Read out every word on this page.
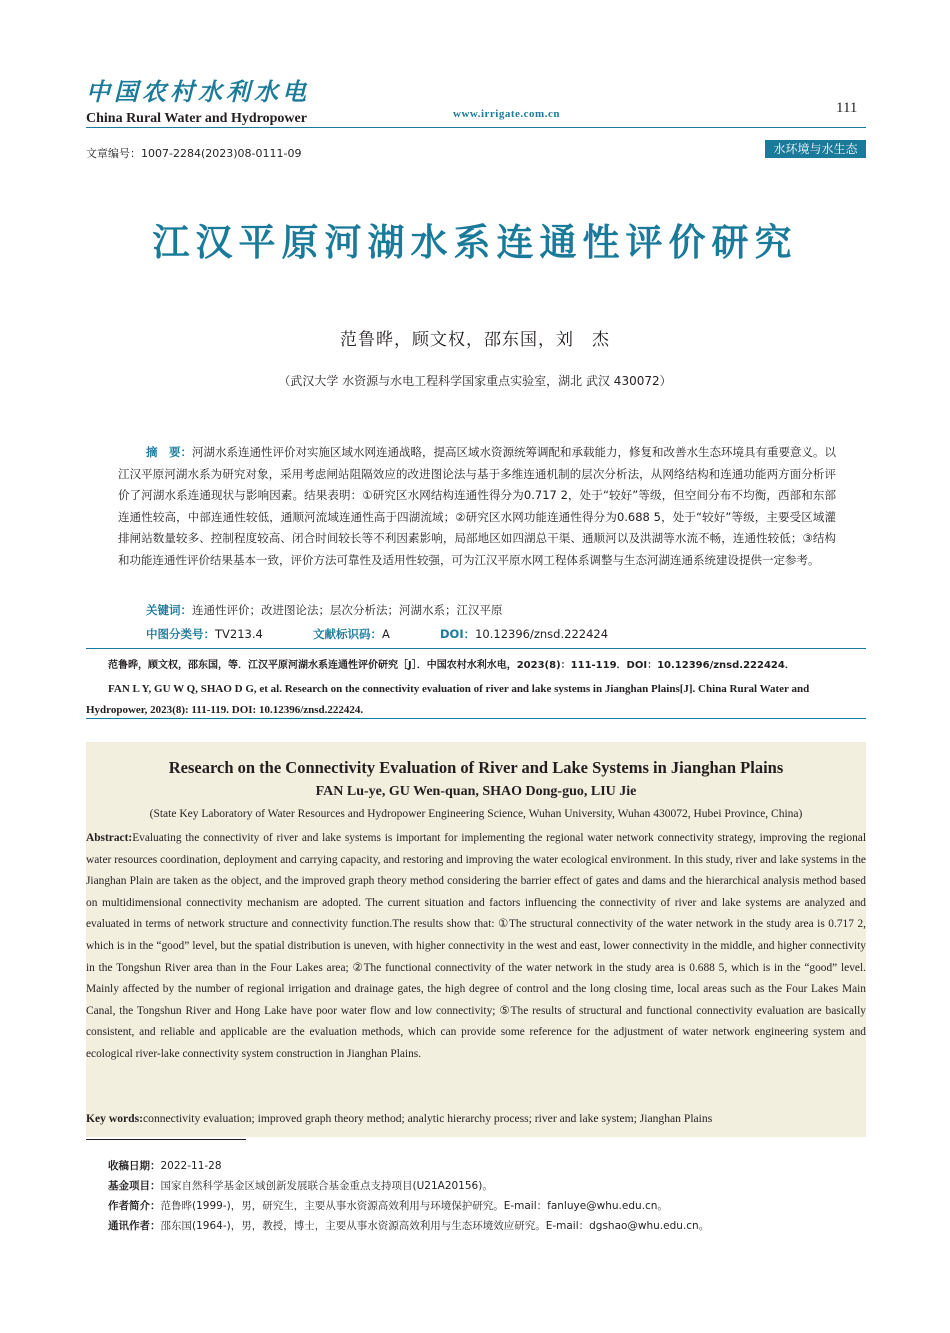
中国农村水利水电
China Rural Water and Hydropower	www.irrigate.com.cn	111
文章编号：1007-2284(2023)08-0111-09	水环境与水生态
江汉平原河湖水系连通性评价研究
范鲁晔，顾文权，邵东国，刘　杰
（武汉大学 水资源与水电工程科学国家重点实验室，湖北 武汉 430072）
摘　要：河湖水系连通性评价对实施区域水网连通战略，提高区域水资源统筹调配和承载能力，修复和改善水生态环境具有重要意义。以江汉平原河湖水系为研究对象，采用考虑闸站阻隔效应的改进图论法与基于多维连通机制的层次分析法，从网络结构和连通功能两方面分析评价了河湖水系连通现状与影响因素。结果表明：①研究区水网结构连通性得分为0.717 2，处于“较好”等级，但空间分布不均衡，西部和东部连通性较高，中部连通性较低，通顺河流域连通性高于四湖流域；②研究区水网功能连通性得分为0.688 5，处于“较好”等级，主要受区域灌排闸站数量较多、控制程度较高、闭合时间较长等不利因素影响，局部地区如四湖总干渠、通顺河以及洪湖等水流不畅，连通性较低；③结构和功能连通性评价结果基本一致，评价方法可靠性及适用性较强，可为江汉平原水网工程体系调整与生态河湖连通系统建设提供一定参考。
关键词：连通性评价；改进图论法；层次分析法；河湖水系；江汉平原
中图分类号：TV213.4	文献标识码：A	DOI：10.12396/znsd.222424
范鲁晔，顾文权，邵东国，等．江汉平原河湖水系连通性评价研究［J］．中国农村水利水电，2023(8)：111-119．DOI：10.12396/znsd.222424．
FAN L Y, GU W Q, SHAO D G, et al. Research on the connectivity evaluation of river and lake systems in Jianghan Plains[J]. China Rural Water and Hydropower, 2023(8): 111-119. DOI: 10.12396/znsd.222424.
Research on the Connectivity Evaluation of River and Lake Systems in Jianghan Plains
FAN Lu-ye, GU Wen-quan, SHAO Dong-guo, LIU Jie
(State Key Laboratory of Water Resources and Hydropower Engineering Science, Wuhan University, Wuhan 430072, Hubei Province, China)
Abstract:Evaluating the connectivity of river and lake systems is important for implementing the regional water network connectivity strategy, improving the regional water resources coordination, deployment and carrying capacity, and restoring and improving the water ecological environment. In this study, river and lake systems in the Jianghan Plain are taken as the object, and the improved graph theory method considering the barrier effect of gates and dams and the hierarchical analysis method based on multidimensional connectivity mechanism are adopted. The current situation and factors influencing the connectivity of river and lake systems are analyzed and evaluated in terms of network structure and connectivity function.The results show that: ①The structural connectivity of the water network in the study area is 0.717 2, which is in the “good” level, but the spatial distribution is uneven, with higher connectivity in the west and east, lower connectivity in the middle, and higher connectivity in the Tongshun River area than in the Four Lakes area; ②The functional connectivity of the water network in the study area is 0.688 5, which is in the “good” level. Mainly affected by the number of regional irrigation and drainage gates, the high degree of control and the long closing time, local areas such as the Four Lakes Main Canal, the Tongshun River and Hong Lake have poor water flow and low connectivity; ⑤The results of structural and functional connectivity evaluation are basically consistent, and reliable and applicable are the evaluation methods, which can provide some reference for the adjustment of water network engineering system and ecological river-lake connectivity system construction in Jianghan Plains.
Key words:connectivity evaluation; improved graph theory method; analytic hierarchy process; river and lake system; Jianghan Plains
收稿日期：2022-11-28
基金项目：国家自然科学基金区域创新发展联合基金重点支持项目(U21A20156)。
作者简介：范鲁晔(1999-)，男，研究生，主要从事水资源高效利用与环境保护研究。E-mail：fanluye@whu.edu.cn。
通讯作者：邵东国(1964-)，男，教授，博士，主要从事水资源高效利用与生态环境效应研究。E-mail：dgshao@whu.edu.cn。
